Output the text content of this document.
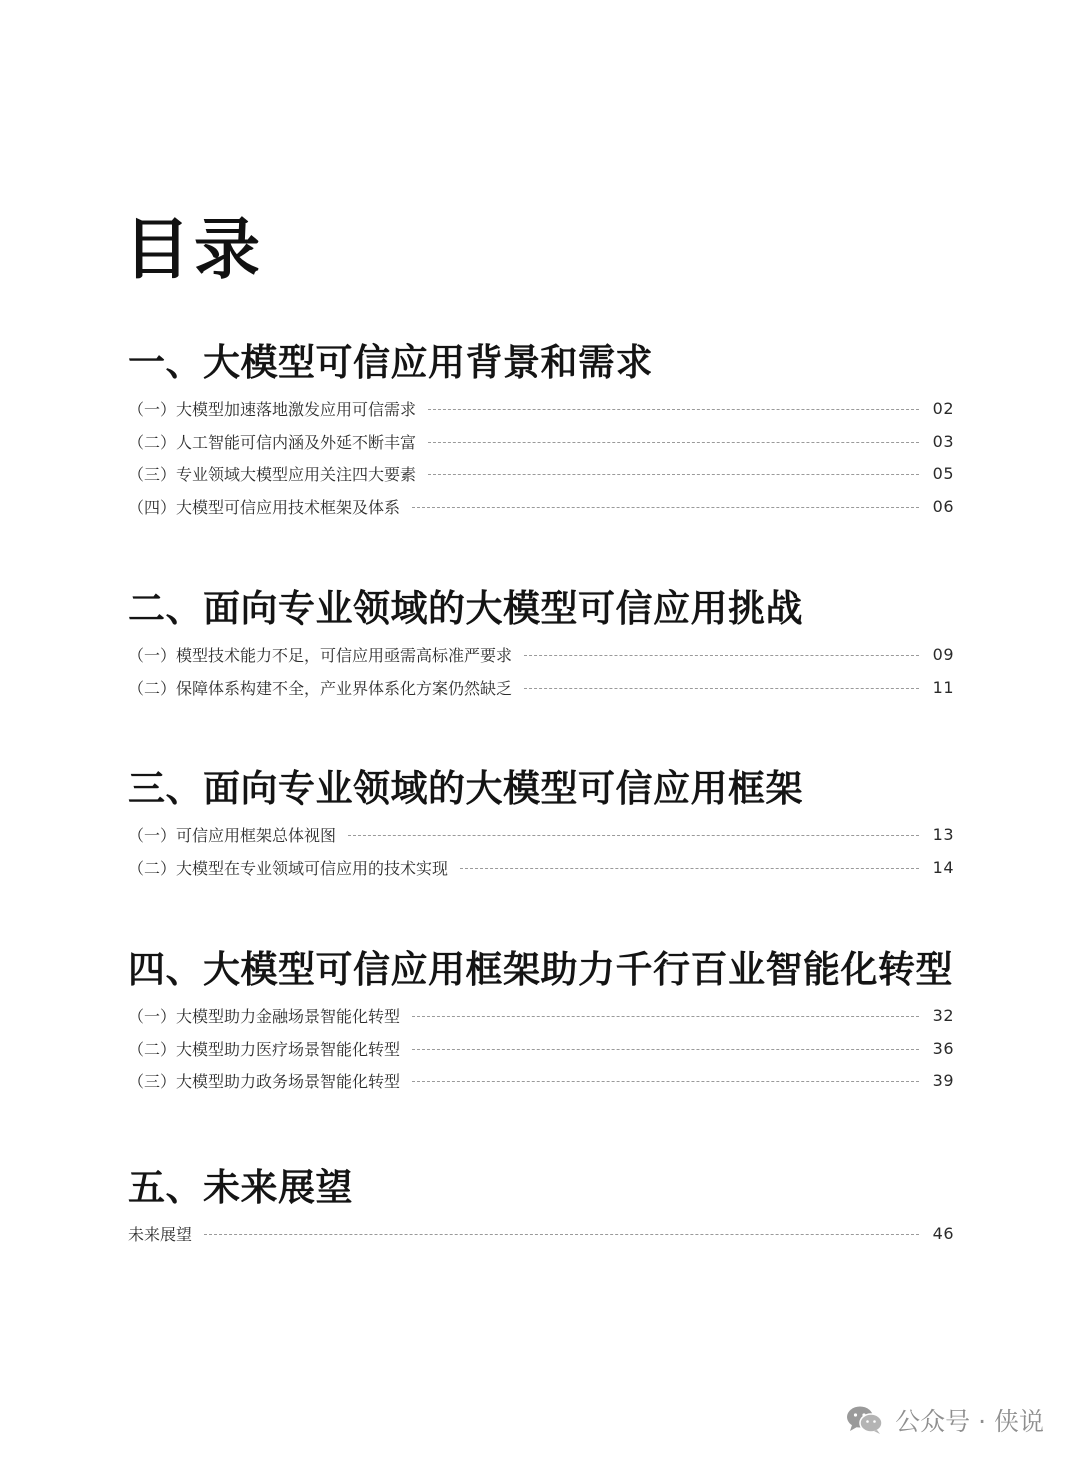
目录
一、大模型可信应用背景和需求
（一）大模型加速落地激发应用可信需求	02
（二）人工智能可信内涵及外延不断丰富	03
（三）专业领域大模型应用关注四大要素	05
（四）大模型可信应用技术框架及体系	06
二、面向专业领域的大模型可信应用挑战
（一）模型技术能力不足，可信应用亟需高标准严要求	09
（二）保障体系构建不全，产业界体系化方案仍然缺乏	11
三、面向专业领域的大模型可信应用框架
（一）可信应用框架总体视图	13
（二）大模型在专业领域可信应用的技术实现	14
四、大模型可信应用框架助力千行百业智能化转型
（一）大模型助力金融场景智能化转型	32
（二）大模型助力医疗场景智能化转型	36
（三）大模型助力政务场景智能化转型	39
五、未来展望
未来展望	46
公众号 · 侠说
